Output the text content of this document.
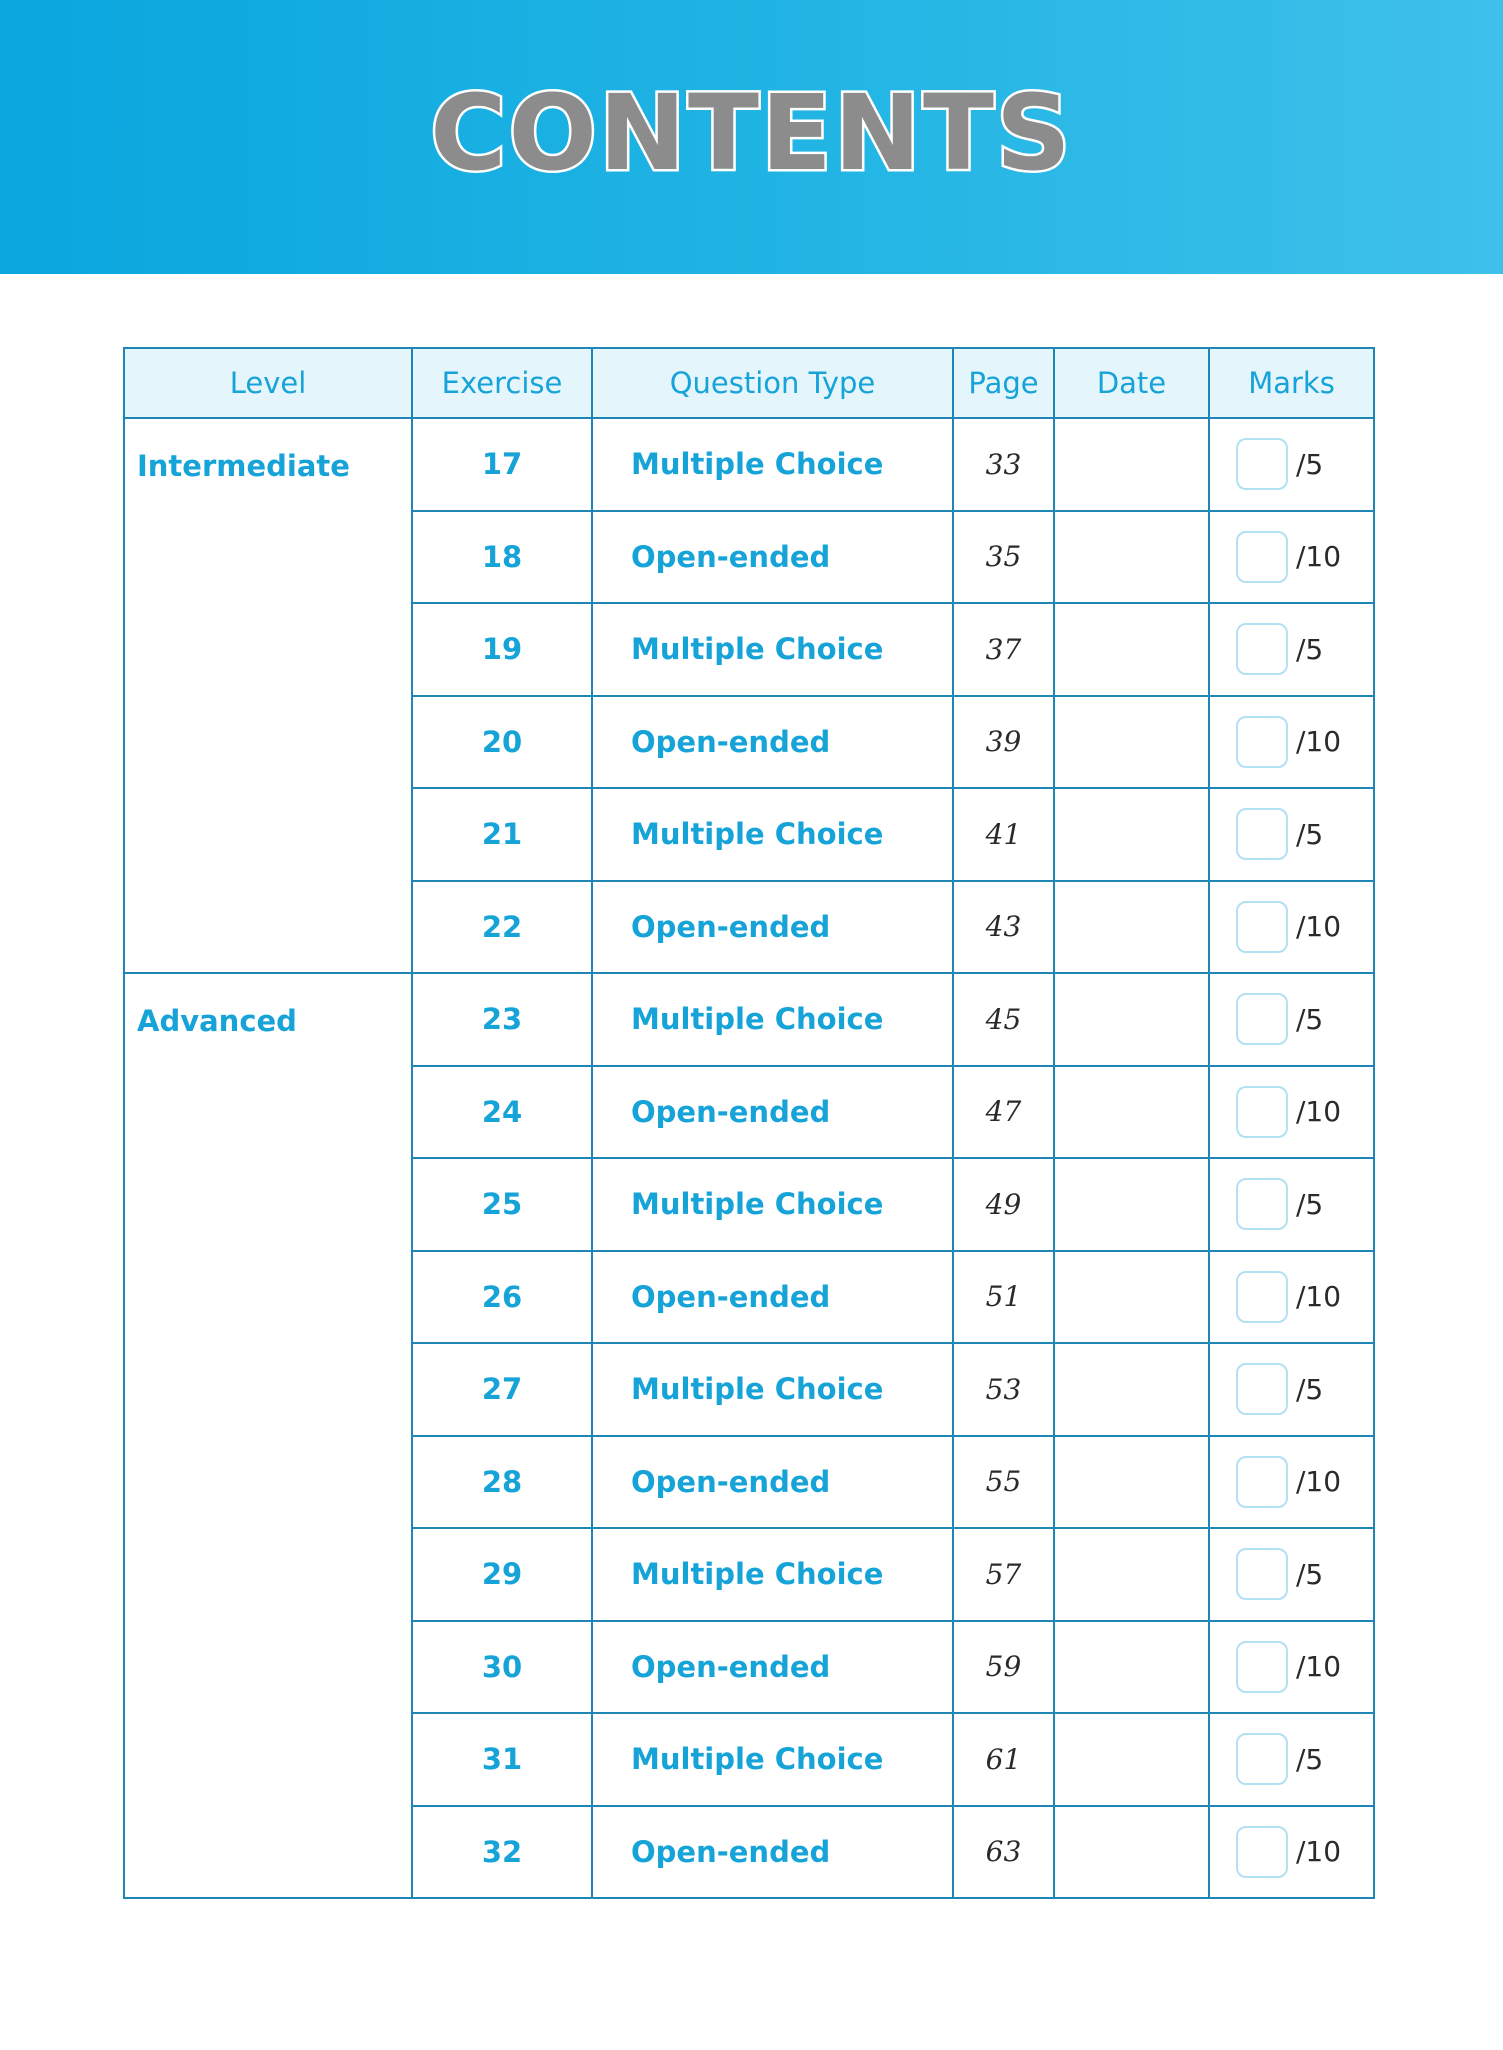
CONTENTS
Level	Exercise	Question Type	Page	Date	Marks
Intermediate	17	Multiple Choice	33		/5

	18	Open-ended	35		/10

	19	Multiple Choice	37		/5

	20	Open-ended	39		/10

	21	Multiple Choice	41		/5

	22	Open-ended	43		/10

Advanced	23	Multiple Choice	45		/5

	24	Open-ended	47		/10

	25	Multiple Choice	49		/5

	26	Open-ended	51		/10

	27	Multiple Choice	53		/5

	28	Open-ended	55		/10

	29	Multiple Choice	57		/5

	30	Open-ended	59		/10

	31	Multiple Choice	61		/5

	32	Open-ended	63		/10
